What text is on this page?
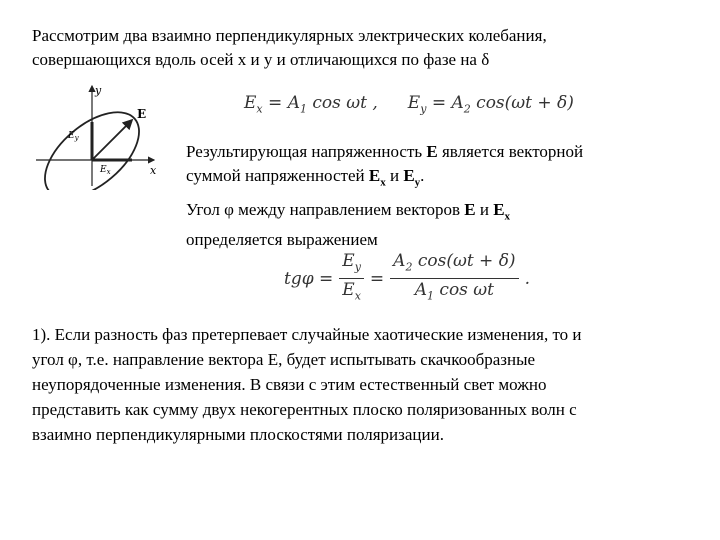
Рассмотрим два взаимно перпендикулярных электрических колебания,
совершающихся вдоль осей x и y и отличающихся по фазе на δ
y
x
E
$E_y$
$E_x$
$E_x = A_1$ cos ωt , $E_y = A_2$ cos(ωt + δ)
Результирующая напряженность E является векторной
суммой напряженностей $E_x$ и $E_y$.
Угол φ между направлением векторов E и $E_x$
определяется выражением
$tg\varphi = \frac{E_y}{E_x} = \frac{A_2 \cos(\omega t + \delta)}{A_1 \cos \omega t}$ .
1). Если разность фаз претерпевает случайные хаотические изменения, то и
угол φ, т.е. направление вектора E, будет испытывать скачкообразные
неупорядоченные изменения. В связи с этим естественный свет можно
представить как сумму двух некогерентных плоско поляризованных волн с
взаимно перпендикулярными плоскостями поляризации.
